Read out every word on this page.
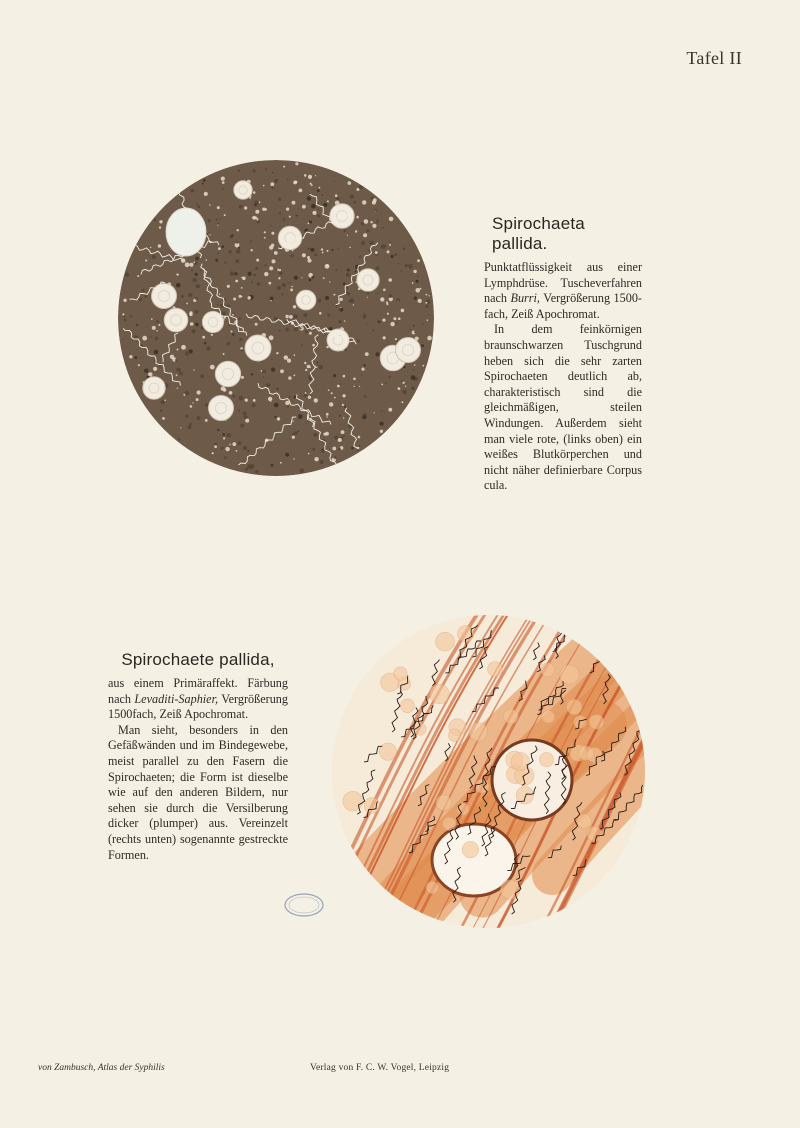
Tafel II
Spirochaeta pallida.

Punktatflüssigkeit aus einer Lymphdrüse. Tuscheverfahren nach Burri, Vergrößerung 1500-fach, Zeiß Apochromat.

In dem feinkörnigen braunschwarzen Tuschgrund heben sich die sehr zarten Spirochaeten deutlich ab, charakteristisch sind die gleichmäßigen, steilen Windungen. Außerdem sieht man viele rote, (links oben) ein weißes Blutkörperchen und nicht näher definierbare Corpus cula.

Spirochaete pallida,

aus einem Primäraffekt. Färbung nach Levaditi-Saphier, Vergrößerung 1500fach, Zeiß Apochromat.

Man sieht, besonders in den Gefäßwänden und im Bindegewebe, meist parallel zu den Fasern die Spirochaeten; die Form ist dieselbe wie auf den anderen Bildern, nur sehen sie durch die Versilberung dicker (plumper) aus. Vereinzelt (rechts unten) sogenannte gestreckte Formen.

von Zambusch, Atlas der Syphilis	Verlag von F. C. W. Vogel, Leipzig
